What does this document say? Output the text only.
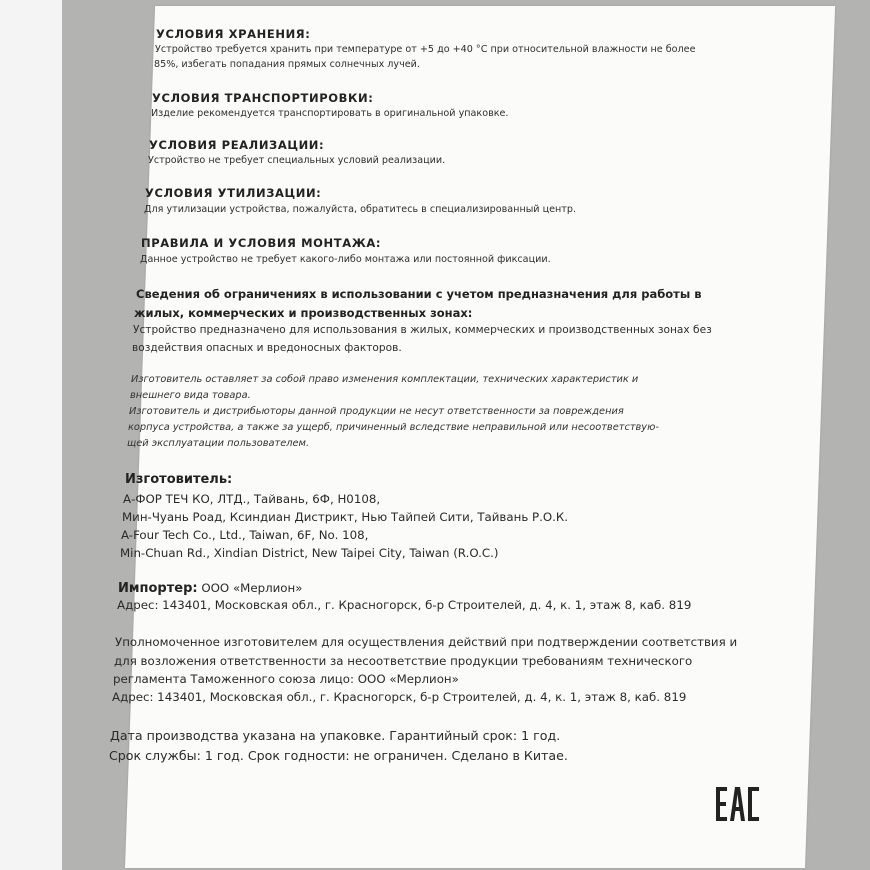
УСЛОВИЯ ХРАНЕНИЯ:
Устройство требуется хранить при температуре от +5 до +40 °C при относительной влажности не более
85%, избегать попадания прямых солнечных лучей.
УСЛОВИЯ ТРАНСПОРТИРОВКИ:
Изделие рекомендуется транспортировать в оригинальной упаковке.
УСЛОВИЯ РЕАЛИЗАЦИИ:
Устройство не требует специальных условий реализации.
УСЛОВИЯ УТИЛИЗАЦИИ:
Для утилизации устройства, пожалуйста, обратитесь в специализированный центр.
ПРАВИЛА И УСЛОВИЯ МОНТАЖА:
Данное устройство не требует какого-либо монтажа или постоянной фиксации.
Сведения об ограничениях в использовании с учетом предназначения для работы в
жилых, коммерческих и производственных зонах:
Устройство предназначено для использования в жилых, коммерческих и производственных зонах без
воздействия опасных и вредоносных факторов.
Изготовитель оставляет за собой право изменения комплектации, технических характеристик и
внешнего вида товара.
Изготовитель и дистрибьюторы данной продукции не несут ответственности за повреждения
корпуса устройства, а также за ущерб, причиненный вследствие неправильной или несоответствую-
щей эксплуатации пользователем.
Изготовитель:
А-ФОР ТЕЧ КО, ЛТД., Тайвань, 6Ф, Н0108,
Мин-Чуань Роад, Ксиндиан Дистрикт, Нью Тайпей Сити, Тайвань Р.О.К.
A-Four Tech Co., Ltd., Taiwan, 6F, No. 108,
Min-Chuan Rd., Xindian District, New Taipei City, Taiwan (R.O.C.)
Импортер: ООО «Мерлион»
Адрес: 143401, Московская обл., г. Красногорск, б-р Строителей, д. 4, к. 1, этаж 8, каб. 819
Уполномоченное изготовителем для осуществления действий при подтверждении соответствия и
для возложения ответственности за несоответствие продукции требованиям технического
регламента Таможенного союза лицо: ООО «Мерлион»
Адрес: 143401, Московская обл., г. Красногорск, б-р Строителей, д. 4, к. 1, этаж 8, каб. 819
Дата производства указана на упаковке. Гарантийный срок: 1 год.
Срок службы: 1 год. Срок годности: не ограничен. Сделано в Китае.
